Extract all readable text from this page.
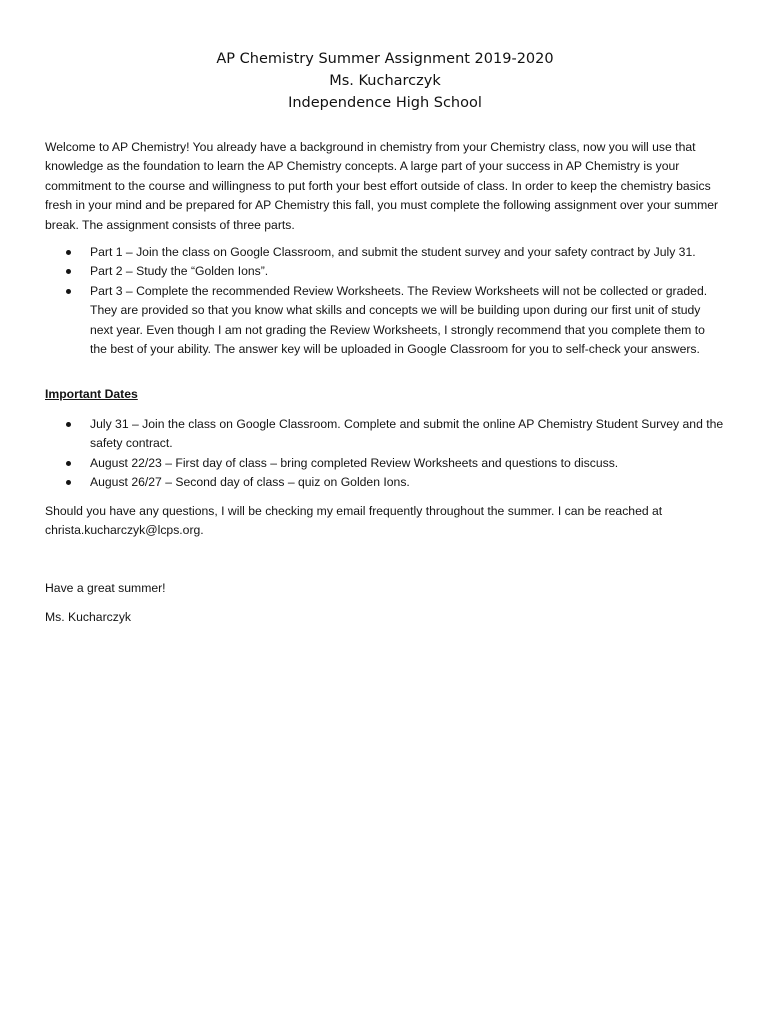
AP Chemistry Summer Assignment 2019-2020
Ms. Kucharczyk
Independence High School
Welcome to AP Chemistry! You already have a background in chemistry from your Chemistry class, now you will use that knowledge as the foundation to learn the AP Chemistry concepts. A large part of your success in AP Chemistry is your commitment to the course and willingness to put forth your best effort outside of class. In order to keep the chemistry basics fresh in your mind and be prepared for AP Chemistry this fall, you must complete the following assignment over your summer break. The assignment consists of three parts.
Part 1 – Join the class on Google Classroom, and submit the student survey and your safety contract by July 31.
Part 2 – Study the “Golden Ions”.
Part 3 – Complete the recommended Review Worksheets. The Review Worksheets will not be collected or graded. They are provided so that you know what skills and concepts we will be building upon during our first unit of study next year. Even though I am not grading the Review Worksheets, I strongly recommend that you complete them to the best of your ability. The answer key will be uploaded in Google Classroom for you to self-check your answers.
Important Dates
July 31 – Join the class on Google Classroom. Complete and submit the online AP Chemistry Student Survey and the safety contract.
August 22/23 – First day of class – bring completed Review Worksheets and questions to discuss.
August 26/27 – Second day of class – quiz on Golden Ions.
Should you have any questions, I will be checking my email frequently throughout the summer. I can be reached at christa.kucharczyk@lcps.org.
Have a great summer!
Ms. Kucharczyk
